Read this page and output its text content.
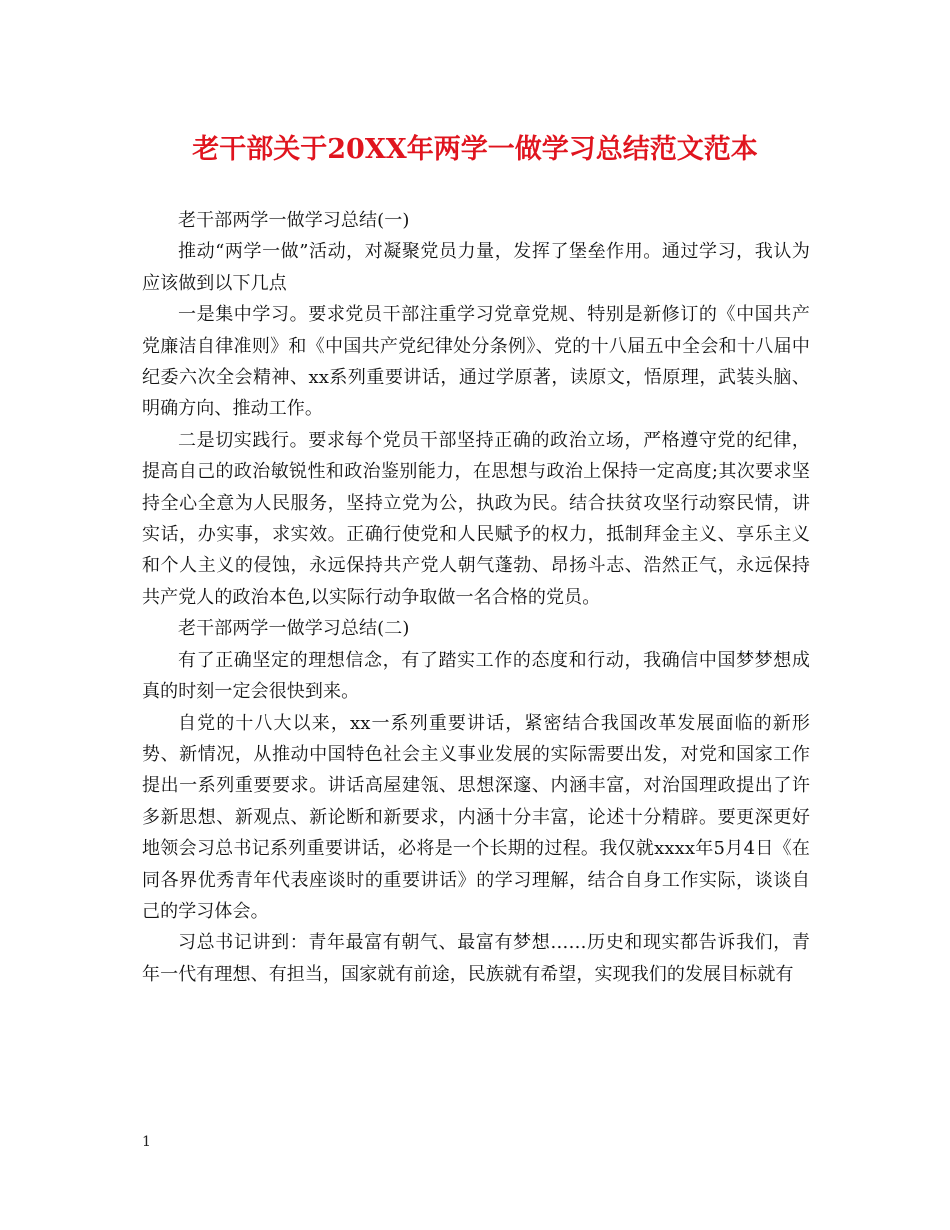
老干部关于20XX年两学一做学习总结范文范本

老干部两学一做学习总结(一)

推动“两学一做”活动，对凝聚党员力量，发挥了堡垒作用。通过学习，我认为应该做到以下几点

一是集中学习。要求党员干部注重学习党章党规、特别是新修订的《中国共产党廉洁自律准则》和《中国共产党纪律处分条例》、党的十八届五中全会和十八届中纪委六次全会精神、xx系列重要讲话，通过学原著，读原文，悟原理，武装头脑、明确方向、推动工作。

二是切实践行。要求每个党员干部坚持正确的政治立场，严格遵守党的纪律，提高自己的政治敏锐性和政治鉴别能力，在思想与政治上保持一定高度;其次要求坚持全心全意为人民服务，坚持立党为公，执政为民。结合扶贫攻坚行动察民情，讲实话，办实事，求实效。正确行使党和人民赋予的权力，抵制拜金主义、享乐主义和个人主义的侵蚀，永远保持共产党人朝气蓬勃、昂扬斗志、浩然正气，永远保持共产党人的政治本色,以实际行动争取做一名合格的党员。

老干部两学一做学习总结(二)

有了正确坚定的理想信念，有了踏实工作的态度和行动，我确信中国梦梦想成真的时刻一定会很快到来。

自党的十八大以来，xx一系列重要讲话，紧密结合我国改革发展面临的新形势、新情况，从推动中国特色社会主义事业发展的实际需要出发，对党和国家工作提出一系列重要要求。讲话高屋建瓴、思想深邃、内涵丰富，对治国理政提出了许多新思想、新观点、新论断和新要求，内涵十分丰富，论述十分精辟。要更深更好地领会习总书记系列重要讲话，必将是一个长期的过程。我仅就xxxx年5月4日《在同各界优秀青年代表座谈时的重要讲话》的学习理解，结合自身工作实际，谈谈自己的学习体会。

习总书记讲到：青年最富有朝气、最富有梦想……历史和现实都告诉我们，青年一代有理想、有担当，国家就有前途，民族就有希望，实现我们的发展目标就有

1
